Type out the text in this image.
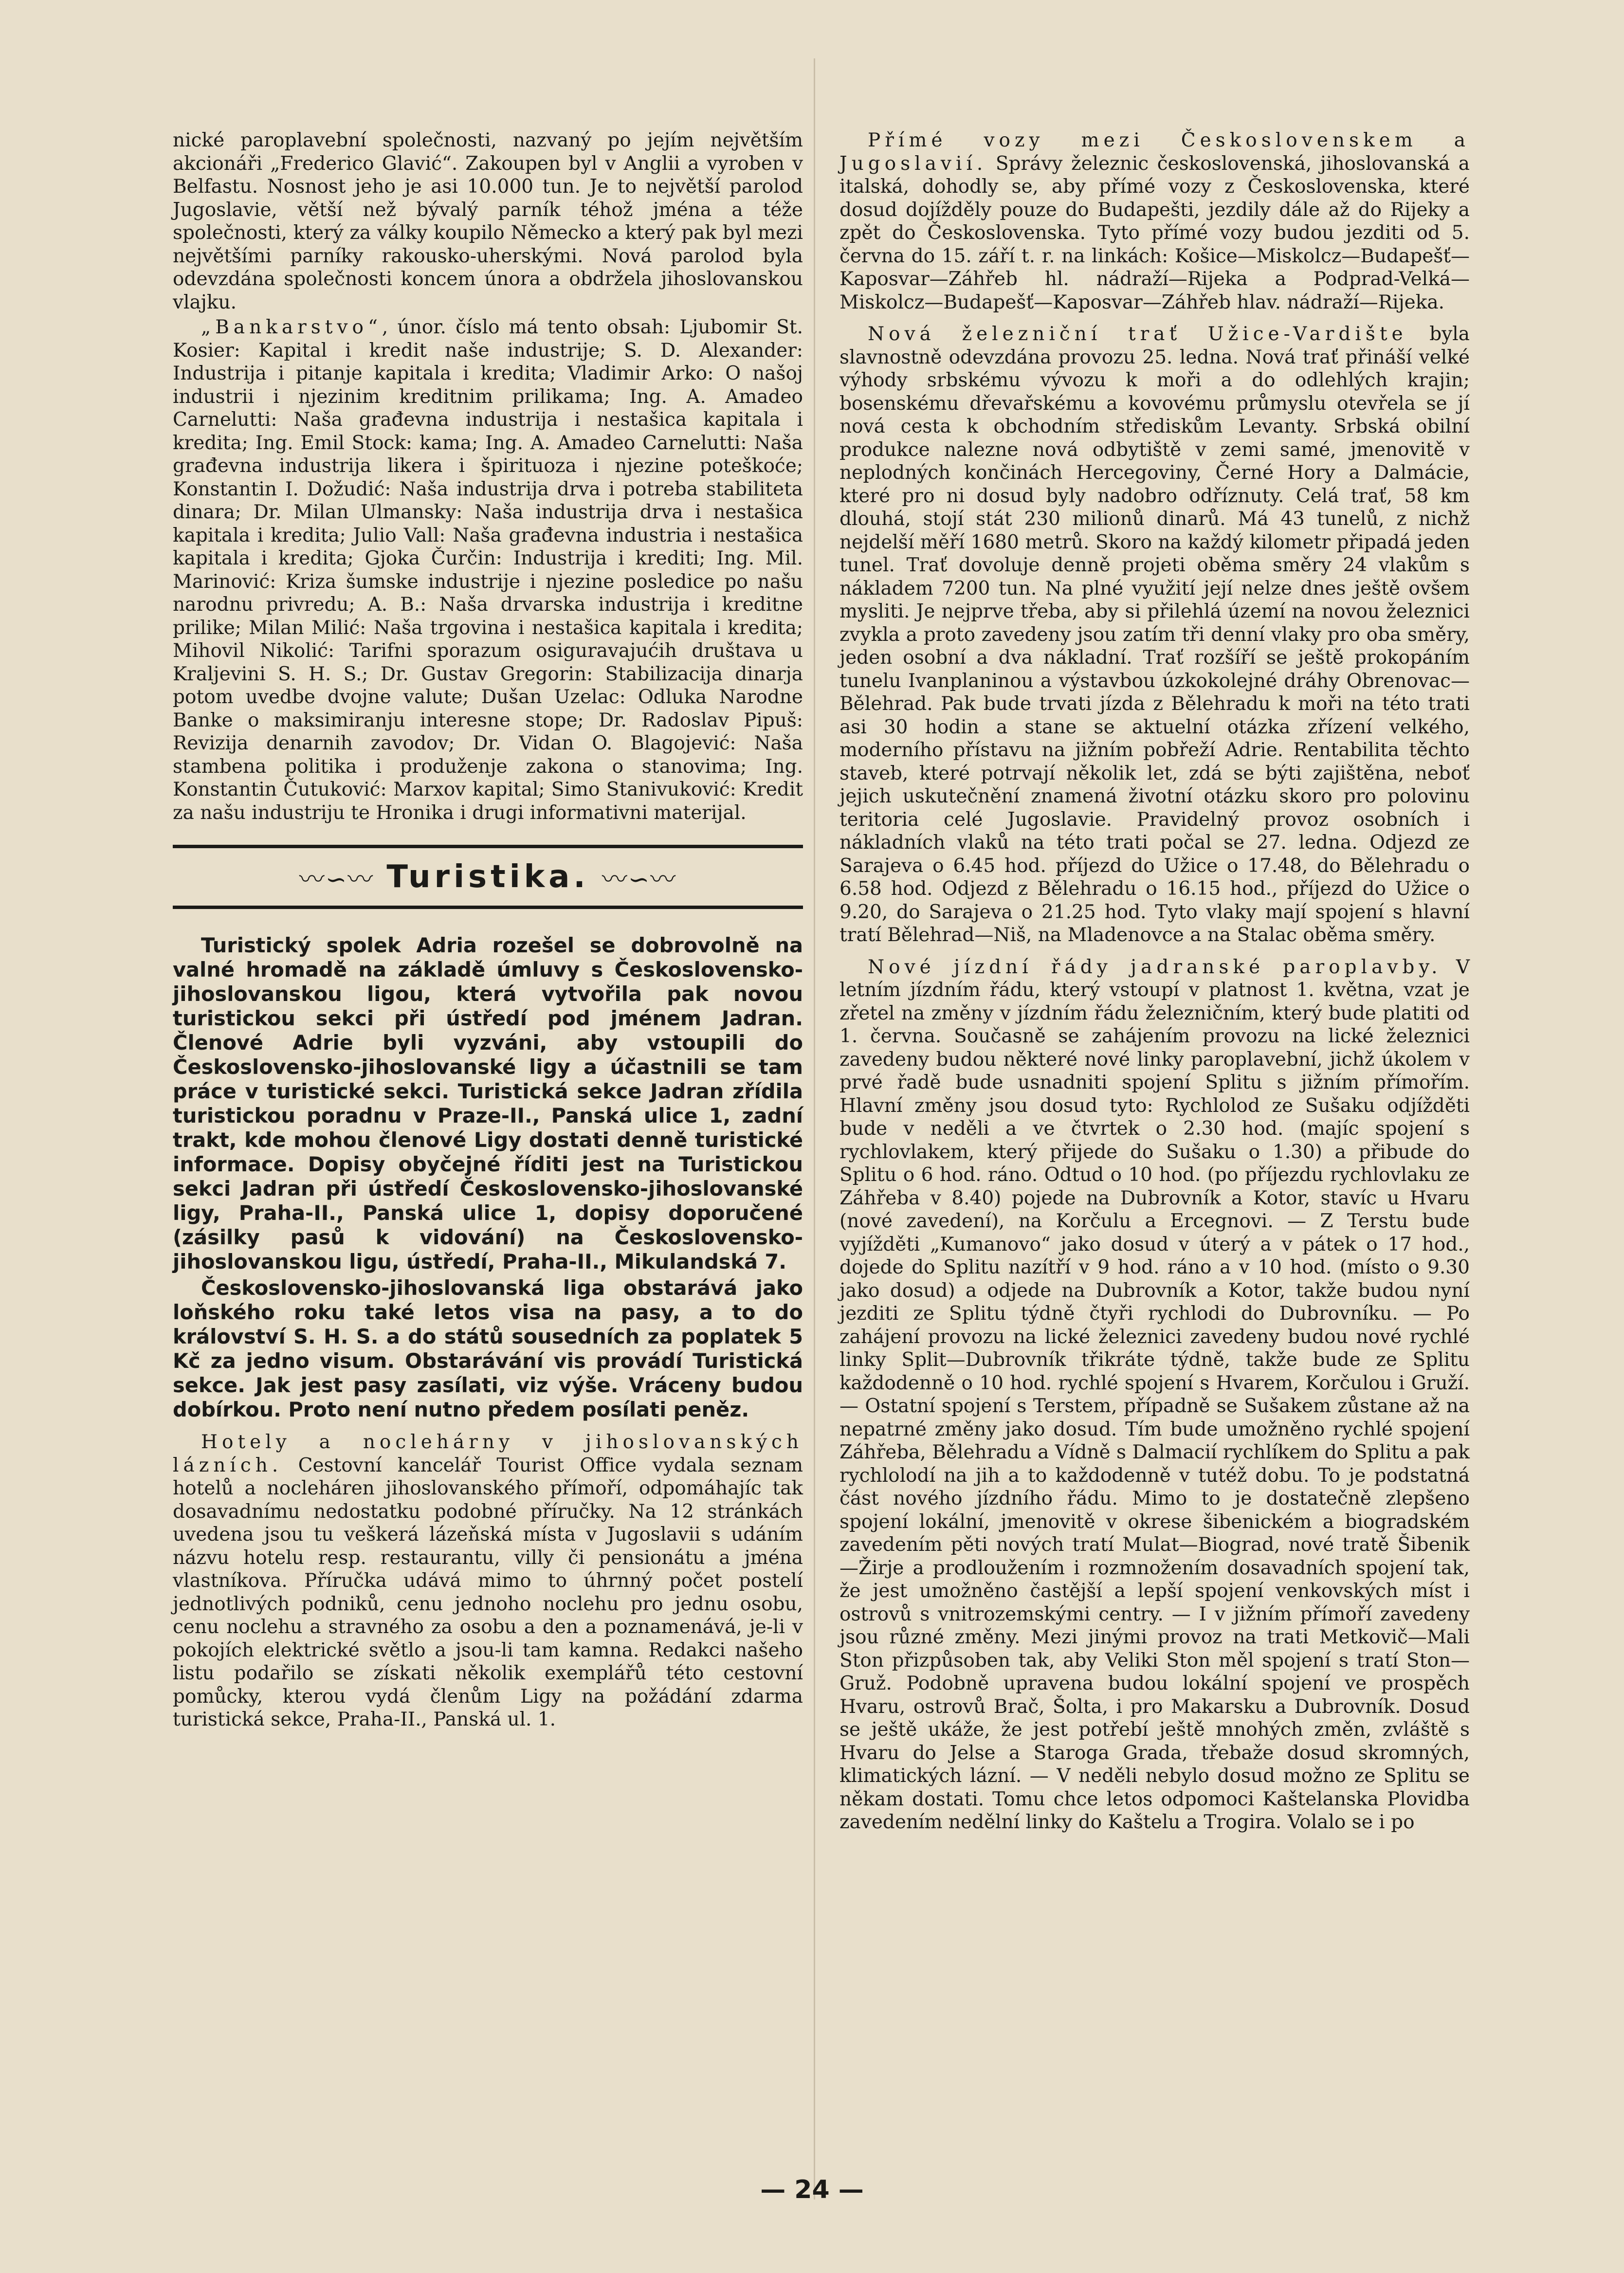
nické paroplavební společnosti, nazvaný po jejím největším akcionáři „Frederico Glavić“. Zakoupen byl v Anglii a vyroben v Belfastu. Nosnost jeho je asi 10.000 tun. Je to největší parolod Jugoslavie, větší než bývalý parník téhož jména a téže společnosti, který za války koupilo Německo a který pak byl mezi největšími parníky rakousko-uherskými. Nová parolod byla odevzdána společnosti koncem února a obdržela jihoslovanskou vlajku.

„Bankarstvo“, únor. číslo má tento obsah: Ljubomir St. Kosier: Kapital i kredit naše industrije; S. D. Alexander: Industrija i pitanje kapitala i kredita; Vladimir Arko: O našoj industrii i njezinim kreditnim prilikama; Ing. A. Amadeo Carnelutti: Naša građevna industrija i nestašica kapitala i kredita; Ing. Emil Stock: kama; Ing. A. Amadeo Carnelutti: Naša građevna industrija likera i špirituoza i njezine poteškoće; Konstantin I. Dožudić: Naša industrija drva i potreba stabiliteta dinara; Dr. Milan Ulmansky: Naša industrija drva i nestašica kapitala i kredita; Julio Vall: Naša građevna industria i nestašica kapitala i kredita; Gjoka Čurčin: Industrija i krediti; Ing. Mil. Marinović: Kriza šumske industrije i njezine posledice po našu narodnu privredu; A. B.: Naša drvarska industrija i kreditne prilike; Milan Milić: Naša trgovina i nestašica kapitala i kredita; Mihovil Nikolić: Tarifni sporazum osiguravajućih društava u Kraljevini S. H. S.; Dr. Gustav Gregorin: Stabilizacija dinarja potom uvedbe dvojne valute; Dušan Uzelac: Odluka Narodne Banke o maksimiranju interesne stope; Dr. Radoslav Pipuš: Revizija denarnih zavodov; Dr. Vidan O. Blagojević: Naša stambena politika i produženje zakona o stanovima; Ing. Konstantin Čutuković: Marxov kapital; Simo Stanivuković: Kredit za našu industriju te Hronika i drugi informativni materijal.

〰∽〰 Turistika. 〰∽〰

Turistický spolek Adria rozešel se dobrovolně na valné hromadě na základě úmluvy s Československo-jihoslovanskou ligou, která vytvořila pak novou turistickou sekci při ústředí pod jménem Jadran. Členové Adrie byli vyzváni, aby vstoupili do Československo-jihoslovanské ligy a účastnili se tam práce v turistické sekci. Turistická sekce Jadran zřídila turistickou poradnu v Praze-II., Panská ulice 1, zadní trakt, kde mohou členové Ligy dostati denně turistické informace. Dopisy obyčejné říditi jest na Turistickou sekci Jadran při ústředí Československo-jihoslovanské ligy, Praha-II., Panská ulice 1, dopisy doporučené (zásilky pasů k vidování) na Československo-jihoslovanskou ligu, ústředí, Praha-II., Mikulandská 7.

Československo-jihoslovanská liga obstarává jako loňského roku také letos visa na pasy, a to do království S. H. S. a do států sousedních za poplatek 5 Kč za jedno visum. Obstarávání vis provádí Turistická sekce. Jak jest pasy zasílati, viz výše. Vráceny budou dobírkou. Proto není nutno předem posílati peněz.

Hotely a noclehárny v jihoslovanských lázních. Cestovní kancelář Tourist Office vydala seznam hotelů a nocleháren jihoslovanského přímoří, odpomáhajíc tak dosavadnímu nedostatku podobné příručky. Na 12 stránkách uvedena jsou tu veškerá lázeňská místa v Jugoslavii s udáním názvu hotelu resp. restaurantu, villy či pensionátu a jména vlastníkova. Příručka udává mimo to úhrnný počet postelí jednotlivých podniků, cenu jednoho noclehu pro jednu osobu, cenu noclehu a stravného za osobu a den a poznamenává, je-li v pokojích elektrické světlo a jsou-li tam kamna. Redakci našeho listu podařilo se získati několik exemplářů této cestovní pomůcky, kterou vydá členům Ligy na požádání zdarma turistická sekce, Praha-II., Panská ul. 1.

Přímé vozy mezi Československem a Jugoslavií. Správy železnic československá, jihoslovanská a italská, dohodly se, aby přímé vozy z Československa, které dosud dojížděly pouze do Budapešti, jezdily dále až do Rijeky a zpět do Československa. Tyto přímé vozy budou jezditi od 5. června do 15. září t. r. na linkách: Košice—Miskolcz—Budapešť—Kaposvar—Záhřeb hl. nádraží—Rijeka a Podprad-Velká—Miskolcz—Budapešť—Kaposvar—Záhřeb hlav. nádraží—Rijeka.

Nová železniční trať Užice-Vardište byla slavnostně odevzdána provozu 25. ledna. Nová trať přináší velké výhody srbskému vývozu k moři a do odlehlých krajin; bosenskému dřevařskému a kovovému průmyslu otevřela se jí nová cesta k obchodním střediskům Levanty. Srbská obilní produkce nalezne nová odbytiště v zemi samé, jmenovitě v neplodných končinách Hercegoviny, Černé Hory a Dalmácie, které pro ni dosud byly nadobro odříznuty. Celá trať, 58 km dlouhá, stojí stát 230 milionů dinarů. Má 43 tunelů, z nichž nejdelší měří 1680 metrů. Skoro na každý kilometr připadá jeden tunel. Trať dovoluje denně projeti oběma směry 24 vlakům s nákladem 7200 tun. Na plné využití její nelze dnes ještě ovšem mysliti. Je nejprve třeba, aby si přilehlá území na novou železnici zvykla a proto zavedeny jsou zatím tři denní vlaky pro oba směry, jeden osobní a dva nákladní. Trať rozšíří se ještě prokopáním tunelu Ivanplaninou a výstavbou úzkokolejné dráhy Obrenovac—Bělehrad. Pak bude trvati jízda z Bělehradu k moři na této trati asi 30 hodin a stane se aktuelní otázka zřízení velkého, moderního přístavu na jižním pobřeží Adrie. Rentabilita těchto staveb, které potrvají několik let, zdá se býti zajištěna, neboť jejich uskutečnění znamená životní otázku skoro pro polovinu teritoria celé Jugoslavie. Pravidelný provoz osobních i nákladních vlaků na této trati počal se 27. ledna. Odjezd ze Sarajeva o 6.45 hod. příjezd do Užice o 17.48, do Bělehradu o 6.58 hod. Odjezd z Bělehradu o 16.15 hod., příjezd do Užice o 9.20, do Sarajeva o 21.25 hod. Tyto vlaky mají spojení s hlavní tratí Bělehrad—Niš, na Mladenovce a na Stalac oběma směry.

Nové jízdní řády jadranské paroplavby. V letním jízdním řádu, který vstoupí v platnost 1. května, vzat je zřetel na změny v jízdním řádu železničním, který bude platiti od 1. června. Současně se zahájením provozu na lické železnici zavedeny budou některé nové linky paroplavební, jichž úkolem v prvé řadě bude usnadniti spojení Splitu s jižním přímořím. Hlavní změny jsou dosud tyto: Rychlolod ze Sušaku odjížděti bude v neděli a ve čtvrtek o 2.30 hod. (majíc spojení s rychlovlakem, který přijede do Sušaku o 1.30) a přibude do Splitu o 6 hod. ráno. Odtud o 10 hod. (po příjezdu rychlovlaku ze Záhřeba v 8.40) pojede na Dubrovník a Kotor, stavíc u Hvaru (nové zavedení), na Korčulu a Ercegnovi. — Z Terstu bude vyjížděti „Kumanovo“ jako dosud v úterý a v pátek o 17 hod., dojede do Splitu nazítří v 9 hod. ráno a v 10 hod. (místo o 9.30 jako dosud) a odjede na Dubrovník a Kotor, takže budou nyní jezditi ze Splitu týdně čtyři rychlodi do Dubrovníku. — Po zahájení provozu na lické železnici zavedeny budou nové rychlé linky Split—Dubrovník třikráte týdně, takže bude ze Splitu každodenně o 10 hod. rychlé spojení s Hvarem, Korčulou i Gruží. — Ostatní spojení s Terstem, případně se Sušakem zůstane až na nepatrné změny jako dosud. Tím bude umožněno rychlé spojení Záhřeba, Bělehradu a Vídně s Dalmacií rychlíkem do Splitu a pak rychlolodí na jih a to každodenně v tutéž dobu. To je podstatná část nového jízdního řádu. Mimo to je dostatečně zlepšeno spojení lokální, jmenovitě v okrese šibenickém a biogradském zavedením pěti nových tratí Mulat—Biograd, nové tratě Šibenik—Žirje a prodloužením i rozmnožením dosavadních spojení tak, že jest umožněno častější a lepší spojení venkovských míst i ostrovů s vnitrozemskými centry. — I v jižním přímoří zavedeny jsou různé změny. Mezi jinými provoz na trati Metkovič—Mali Ston přizpůsoben tak, aby Veliki Ston měl spojení s tratí Ston—Gruž. Podobně upravena budou lokální spojení ve prospěch Hvaru, ostrovů Brač, Šolta, i pro Makarsku a Dubrovník. Dosud se ještě ukáže, že jest potřebí ještě mnohých změn, zvláště s Hvaru do Jelse a Staroga Grada, třebaže dosud skromných, klimatických lázní. — V neděli nebylo dosud možno ze Splitu se někam dostati. Tomu chce letos odpomoci Kaštelanska Plovidba zavedením nedělní linky do Kaštelu a Trogira. Volalo se i po

— 24 —
